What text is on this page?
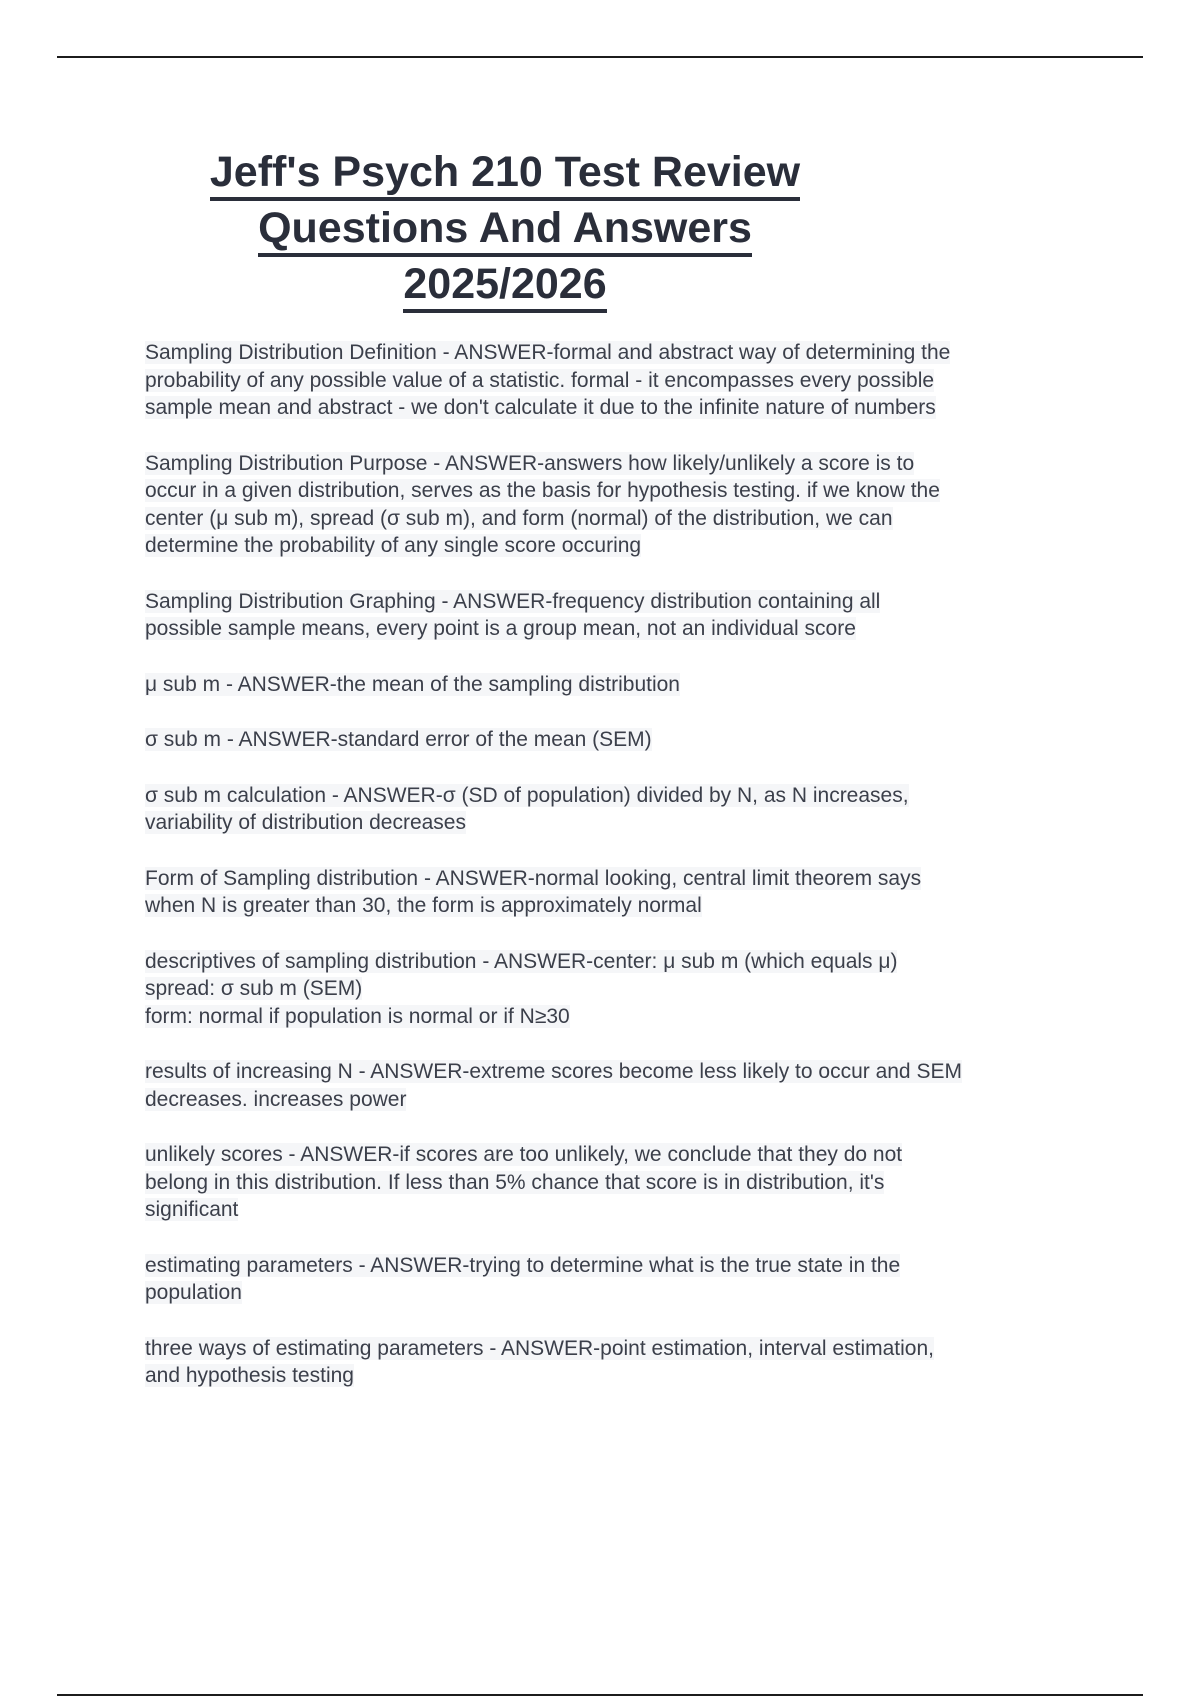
Jeff's Psych 210 Test Review
Questions And Answers
2025/2026
Sampling Distribution Definition - ANSWER-formal and abstract way of determining the
probability of any possible value of a statistic. formal - it encompasses every possible
sample mean and abstract - we don't calculate it due to the infinite nature of numbers
Sampling Distribution Purpose - ANSWER-answers how likely/unlikely a score is to
occur in a given distribution, serves as the basis for hypothesis testing. if we know the
center (μ sub m), spread (σ sub m), and form (normal) of the distribution, we can
determine the probability of any single score occuring
Sampling Distribution Graphing - ANSWER-frequency distribution containing all
possible sample means, every point is a group mean, not an individual score
μ sub m - ANSWER-the mean of the sampling distribution
σ sub m - ANSWER-standard error of the mean (SEM)
σ sub m calculation - ANSWER-σ (SD of population) divided by N, as N increases,
variability of distribution decreases
Form of Sampling distribution - ANSWER-normal looking, central limit theorem says
when N is greater than 30, the form is approximately normal
descriptives of sampling distribution - ANSWER-center: μ sub m (which equals μ)
spread: σ sub m (SEM)
form: normal if population is normal or if N≥30
results of increasing N - ANSWER-extreme scores become less likely to occur and SEM
decreases. increases power
unlikely scores - ANSWER-if scores are too unlikely, we conclude that they do not
belong in this distribution. If less than 5% chance that score is in distribution, it's
significant
estimating parameters - ANSWER-trying to determine what is the true state in the
population
three ways of estimating parameters - ANSWER-point estimation, interval estimation,
and hypothesis testing
